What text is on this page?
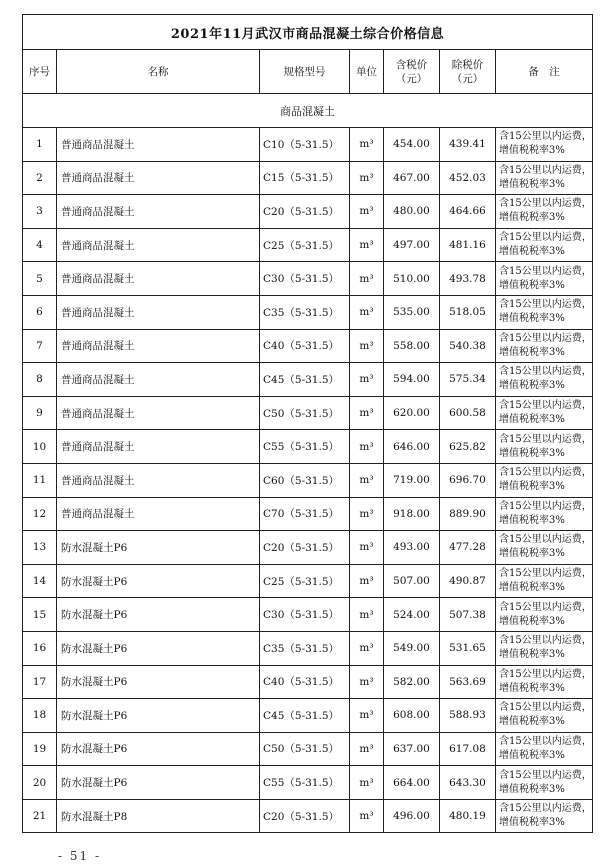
2021年11月武汉市商品混凝土综合价格信息						
序号	名称	规格型号	单位	含税价（元）	除税价（元）	备　注
商品混凝土						
1	普通商品混凝土	C10（5-31.5）	m³	454.00	439.41	含15公里以内运费，增值税税率3%
2	普通商品混凝土	C15（5-31.5）	m³	467.00	452.03	含15公里以内运费，增值税税率3%
3	普通商品混凝土	C20（5-31.5）	m³	480.00	464.66	含15公里以内运费，增值税税率3%
4	普通商品混凝土	C25（5-31.5）	m³	497.00	481.16	含15公里以内运费，增值税税率3%
5	普通商品混凝土	C30（5-31.5）	m³	510.00	493.78	含15公里以内运费，增值税税率3%
6	普通商品混凝土	C35（5-31.5）	m³	535.00	518.05	含15公里以内运费，增值税税率3%
7	普通商品混凝土	C40（5-31.5）	m³	558.00	540.38	含15公里以内运费，增值税税率3%
8	普通商品混凝土	C45（5-31.5）	m³	594.00	575.34	含15公里以内运费，增值税税率3%
9	普通商品混凝土	C50（5-31.5）	m³	620.00	600.58	含15公里以内运费，增值税税率3%
10	普通商品混凝土	C55（5-31.5）	m³	646.00	625.82	含15公里以内运费，增值税税率3%
11	普通商品混凝土	C60（5-31.5）	m³	719.00	696.70	含15公里以内运费，增值税税率3%
12	普通商品混凝土	C70（5-31.5）	m³	918.00	889.90	含15公里以内运费，增值税税率3%
13	防水混凝土P6	C20（5-31.5）	m³	493.00	477.28	含15公里以内运费，增值税税率3%
14	防水混凝土P6	C25（5-31.5）	m³	507.00	490.87	含15公里以内运费，增值税税率3%
15	防水混凝土P6	C30（5-31.5）	m³	524.00	507.38	含15公里以内运费，增值税税率3%
16	防水混凝土P6	C35（5-31.5）	m³	549.00	531.65	含15公里以内运费，增值税税率3%
17	防水混凝土P6	C40（5-31.5）	m³	582.00	563.69	含15公里以内运费，增值税税率3%
18	防水混凝土P6	C45（5-31.5）	m³	608.00	588.93	含15公里以内运费，增值税税率3%
19	防水混凝土P6	C50（5-31.5）	m³	637.00	617.08	含15公里以内运费，增值税税率3%
20	防水混凝土P6	C55（5-31.5）	m³	664.00	643.30	含15公里以内运费，增值税税率3%
21	防水混凝土P8	C20（5-31.5）	m³	496.00	480.19	含15公里以内运费，增值税税率3%
- 51 -
